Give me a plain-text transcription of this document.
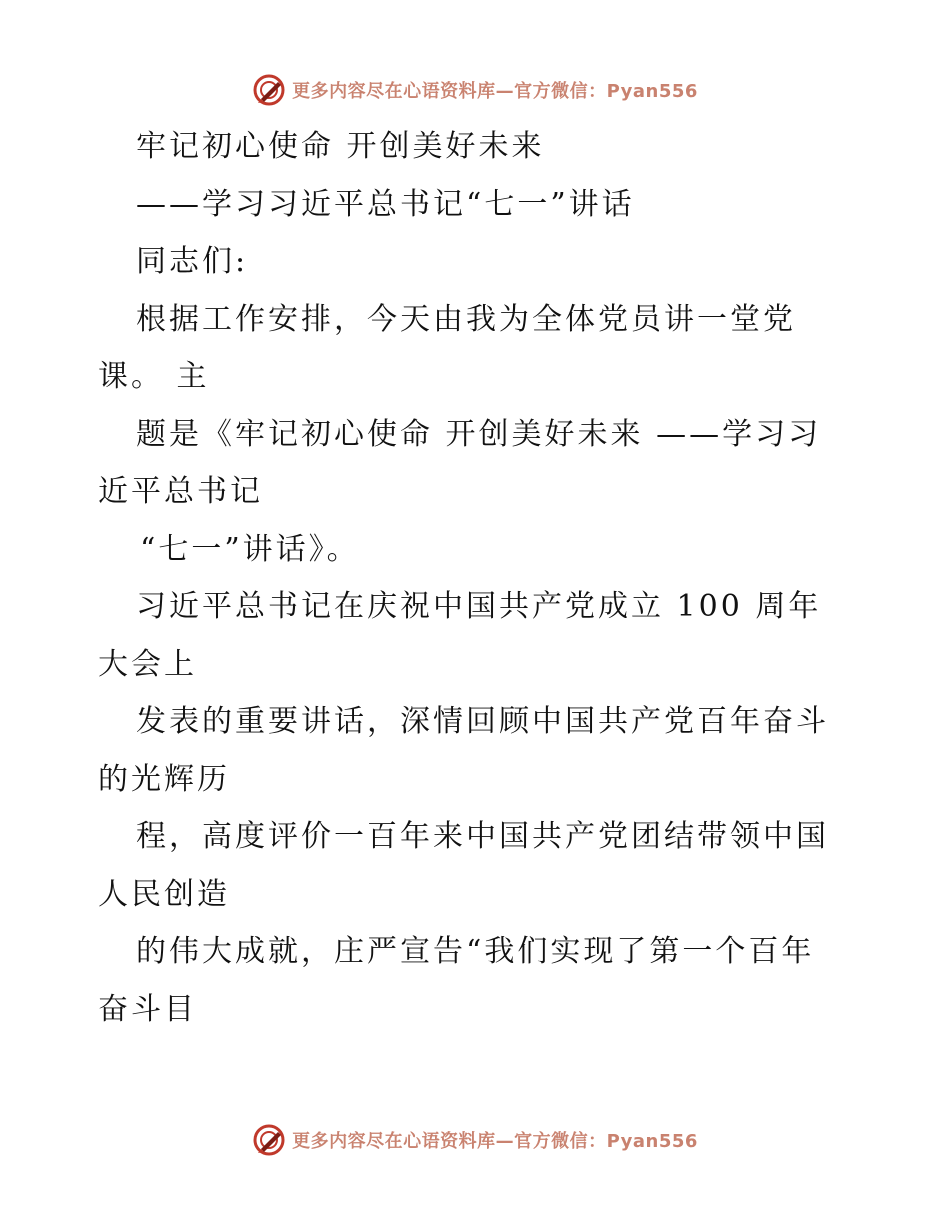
更多内容尽在心语资料库—官方微信：Pyan556
牢记初心使命 开创美好未来
——学习习近平总书记“七一”讲话
同志们:
根据工作安排，今天由我为全体党员讲一堂党
课。 主
题是《牢记初心使命 开创美好未来 ——学习习
近平总书记
“七一”讲话》。
习近平总书记在庆祝中国共产党成立 100 周年
大会上
发表的重要讲话，深情回顾中国共产党百年奋斗
的光辉历
程，高度评价一百年来中国共产党团结带领中国
人民创造
的伟大成就，庄严宣告“我们实现了第一个百年
奋斗目
更多内容尽在心语资料库—官方微信：Pyan556
